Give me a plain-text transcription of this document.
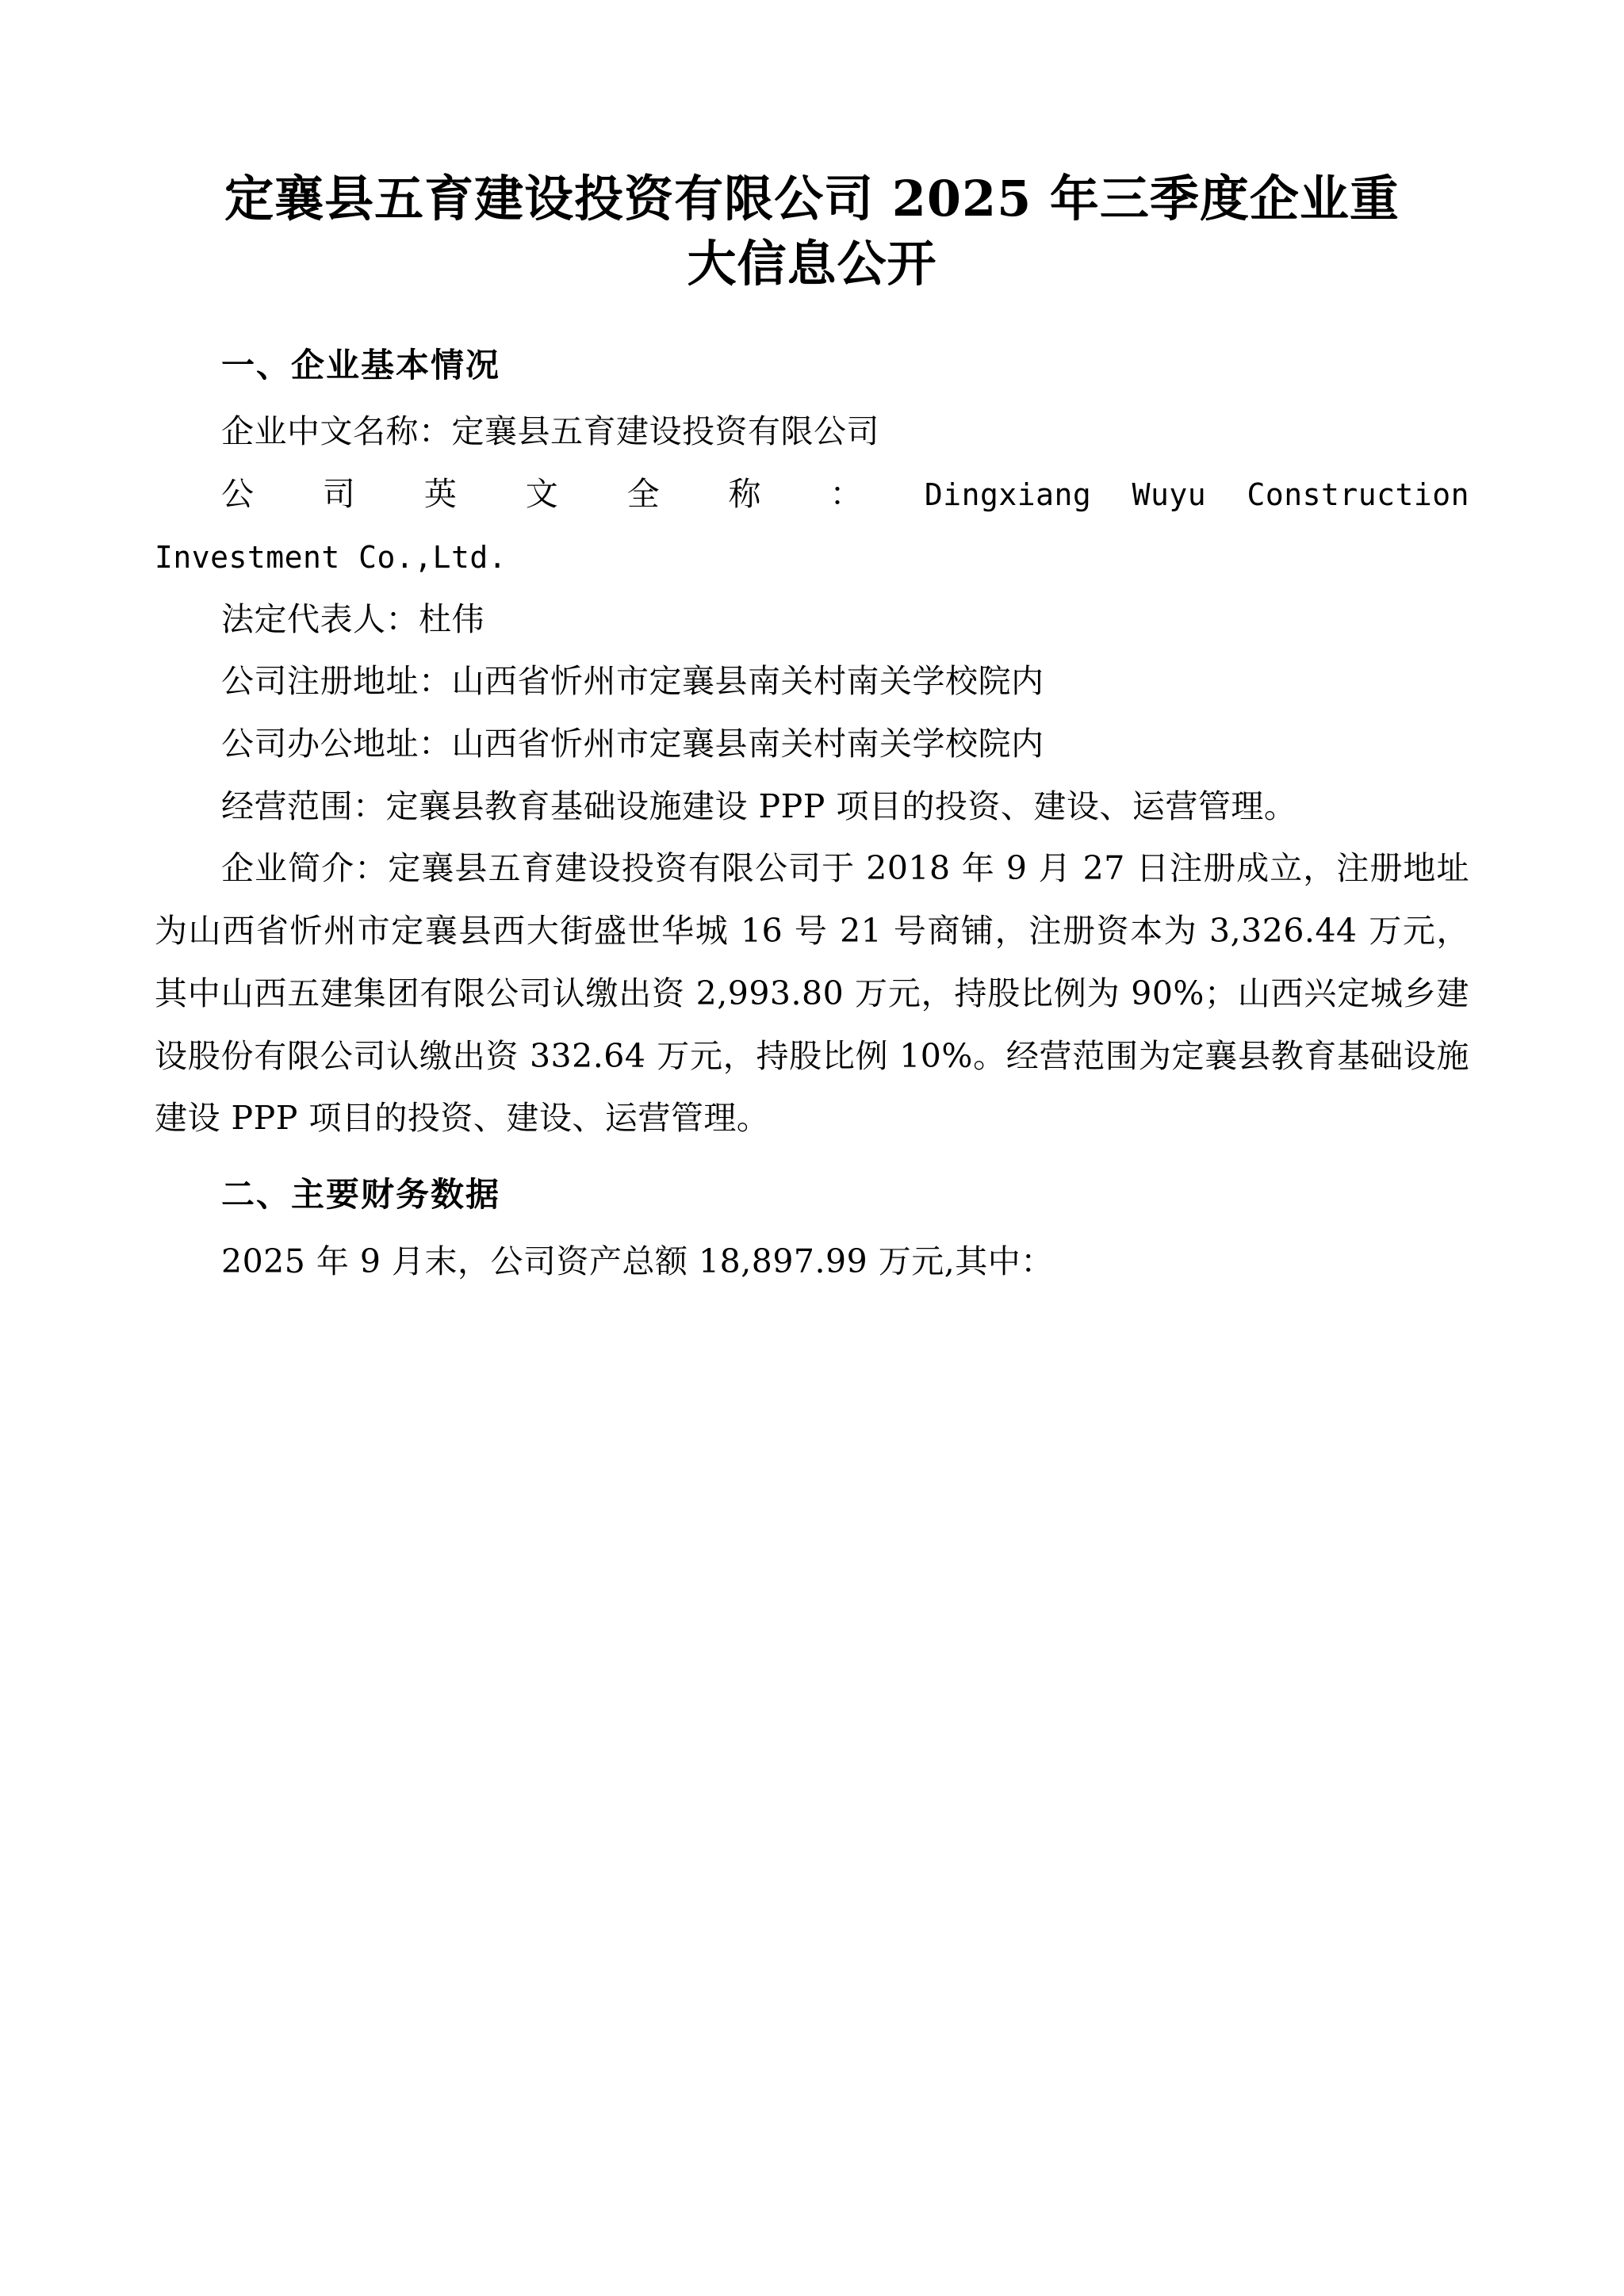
定襄县五育建设投资有限公司 2025 年三季度企业重大信息公开
一、企业基本情况

企业中文名称：定襄县五育建设投资有限公司

公 司 英 文 全 称 ： Dingxiang Wuyu Construction

Investment Co.,Ltd.

法定代表人：杜伟

公司注册地址：山西省忻州市定襄县南关村南关学校院内

公司办公地址：山西省忻州市定襄县南关村南关学校院内

经营范围：定襄县教育基础设施建设 PPP 项目的投资、建设、运营管理。

企业简介：定襄县五育建设投资有限公司于 2018 年 9 月 27 日注册成立，注册地址为山西省忻州市定襄县西大街盛世华城 16 号 21 号商铺，注册资本为 3,326.44 万元，其中山西五建集团有限公司认缴出资 2,993.80 万元，持股比例为 90%；山西兴定城乡建设股份有限公司认缴出资 332.64 万元，持股比例 10%。经营范围为定襄县教育基础设施建设 PPP 项目的投资、建设、运营管理。

二、主要财务数据

2025 年 9 月末，公司资产总额 18,897.99 万元,其中：
